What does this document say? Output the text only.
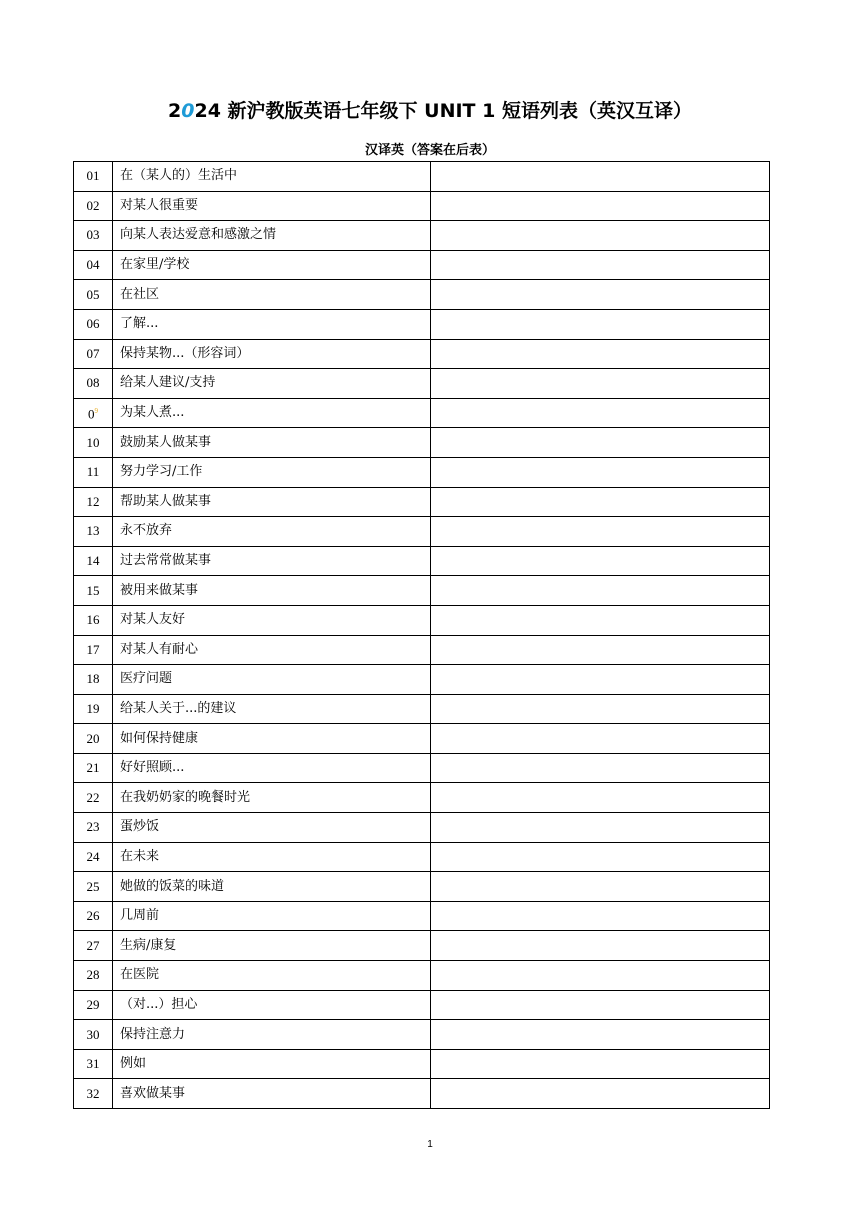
2024 新沪教版英语七年级下 UNIT 1 短语列表（英汉互译）
汉译英（答案在后表）
01	在（某人的）生活中	
02	对某人很重要	
03	向某人表达爱意和感激之情	
04	在家里/学校	
05	在社区	
06	了解...	
07	保持某物...（形容词）	
08	给某人建议/支持	
$0^9$	为某人煮...	
10	鼓励某人做某事	
11	努力学习/工作	
12	帮助某人做某事	
13	永不放弃	
14	过去常常做某事	
15	被用来做某事	
16	对某人友好	
17	对某人有耐心	
18	医疗问题	
19	给某人关于...的建议	
20	如何保持健康	
21	好好照顾...	
22	在我奶奶家的晚餐时光	
23	蛋炒饭	
24	在未来	
25	她做的饭菜的味道	
26	几周前	
27	生病/康复	
28	在医院	
29	（对...）担心	
30	保持注意力	
31	例如	
32	喜欢做某事	
1
